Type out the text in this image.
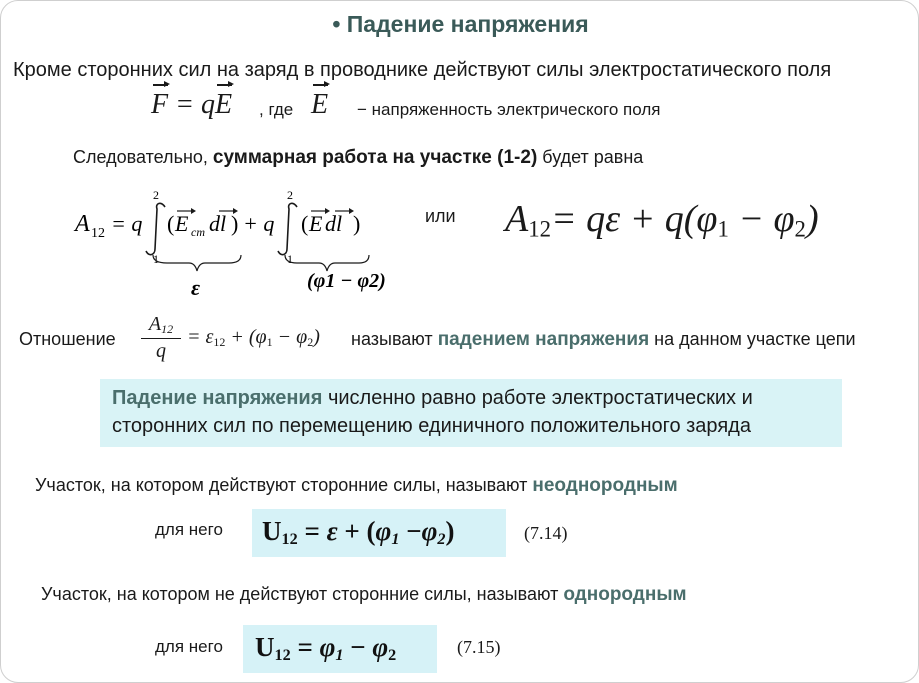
• Падение напряжения
Кроме сторонних сил на заряд в проводнике действуют силы электростатического поля
F = qE , где E − напряженность электрического поля
Следовательно, суммарная работа на участке (1-2) будет равна
A 12 = q
2
1
( E cm dl ) + q
2
1
( E dl )
ε	(φ1 − φ2)
или $A_{12}= q\varepsilon + q(\varphi_1 - \varphi_2)$
Отношение
$A_{12}$
q
= $\varepsilon_{12} + (\varphi_1 - \varphi_2)$ называют падением напряжения на данном участке цепи
Падение напряжения численно равно работе электростатических и
сторонних сил по перемещению единичного положительного заряда
Участок, на котором действуют сторонние силы, называют неоднородным
для него $U_{12} = \varepsilon + (\varphi_1 -\varphi_2)$	(7.14)
Участок, на котором не действуют сторонние силы, называют однородным
для него $U_{12} = \varphi_1 - \varphi_2$	(7.15)
